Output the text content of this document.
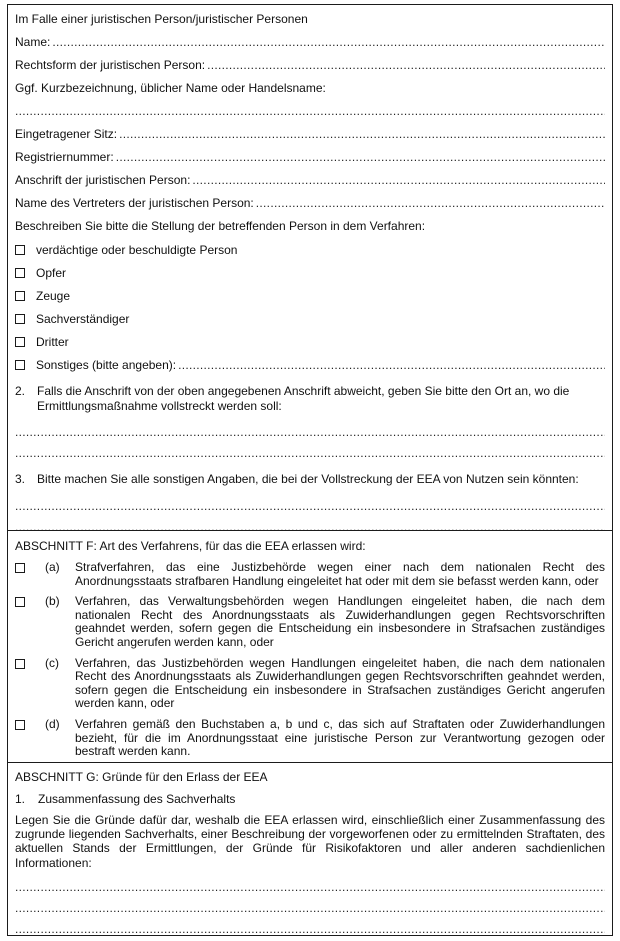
Im Falle einer juristischen Person/juristischer Personen
Name:
.....
Rechtsform der juristischen Person:
.....
Ggf. Kurzbezeichnung, üblicher Name oder Handelsname:
.....
Eingetragener Sitz:
.....
Registriernummer:
.....
Anschrift der juristischen Person:
.....
Name des Vertreters der juristischen Person:
.....
Beschreiben Sie bitte die Stellung der betreffenden Person in dem Verfahren:
verdächtige oder beschuldigte Person
Opfer
Zeuge
Sachverständiger
Dritter
Sonstiges (bitte angeben):
.....
2. Falls die Anschrift von der oben angegebenen Anschrift abweicht, geben Sie bitte den Ort an, wo die Ermittlungsmaßnahme vollstreckt werden soll:
.....
.....
3. Bitte machen Sie alle sonstigen Angaben, die bei der Vollstreckung der EEA von Nutzen sein könnten:
.....
.....
ABSCHNITT F: Art des Verfahrens, für das die EEA erlassen wird:
(a)	Strafverfahren, das eine Justizbehörde wegen einer nach dem nationalen Recht des Anordnungsstaats strafbaren Handlung eingeleitet hat oder mit dem sie befasst werden kann, oder
(b)	Verfahren, das Verwaltungsbehörden wegen Handlungen eingeleitet haben, die nach dem nationalen Recht des Anordnungsstaats als Zuwiderhandlungen gegen Rechtsvorschriften geahndet werden, sofern gegen die Entscheidung ein insbesondere in Strafsachen zuständiges Gericht angerufen werden kann, oder
(c)	Verfahren, das Justizbehörden wegen Handlungen eingeleitet haben, die nach dem nationalen Recht des Anordnungsstaats als Zuwiderhandlungen gegen Rechtsvorschriften geahndet werden, sofern gegen die Entscheidung ein insbesondere in Strafsachen zuständiges Gericht angerufen werden kann, oder
(d)	Verfahren gemäß den Buchstaben a, b und c, das sich auf Straftaten oder Zuwiderhandlungen bezieht, für die im Anordnungsstaat eine juristische Person zur Verantwortung gezogen oder bestraft werden kann.
ABSCHNITT G: Gründe für den Erlass der EEA
1.	Zusammenfassung des Sachverhalts
Legen Sie die Gründe dafür dar, weshalb die EEA erlassen wird, einschließlich einer Zusammenfassung des zugrunde liegenden Sachverhalts, einer Beschreibung der vorgeworfenen oder zu ermittelnden Straftaten, des aktuellen Stands der Ermittlungen, der Gründe für Risikofaktoren und aller anderen sachdienlichen Informationen:
.....
.....
.....
